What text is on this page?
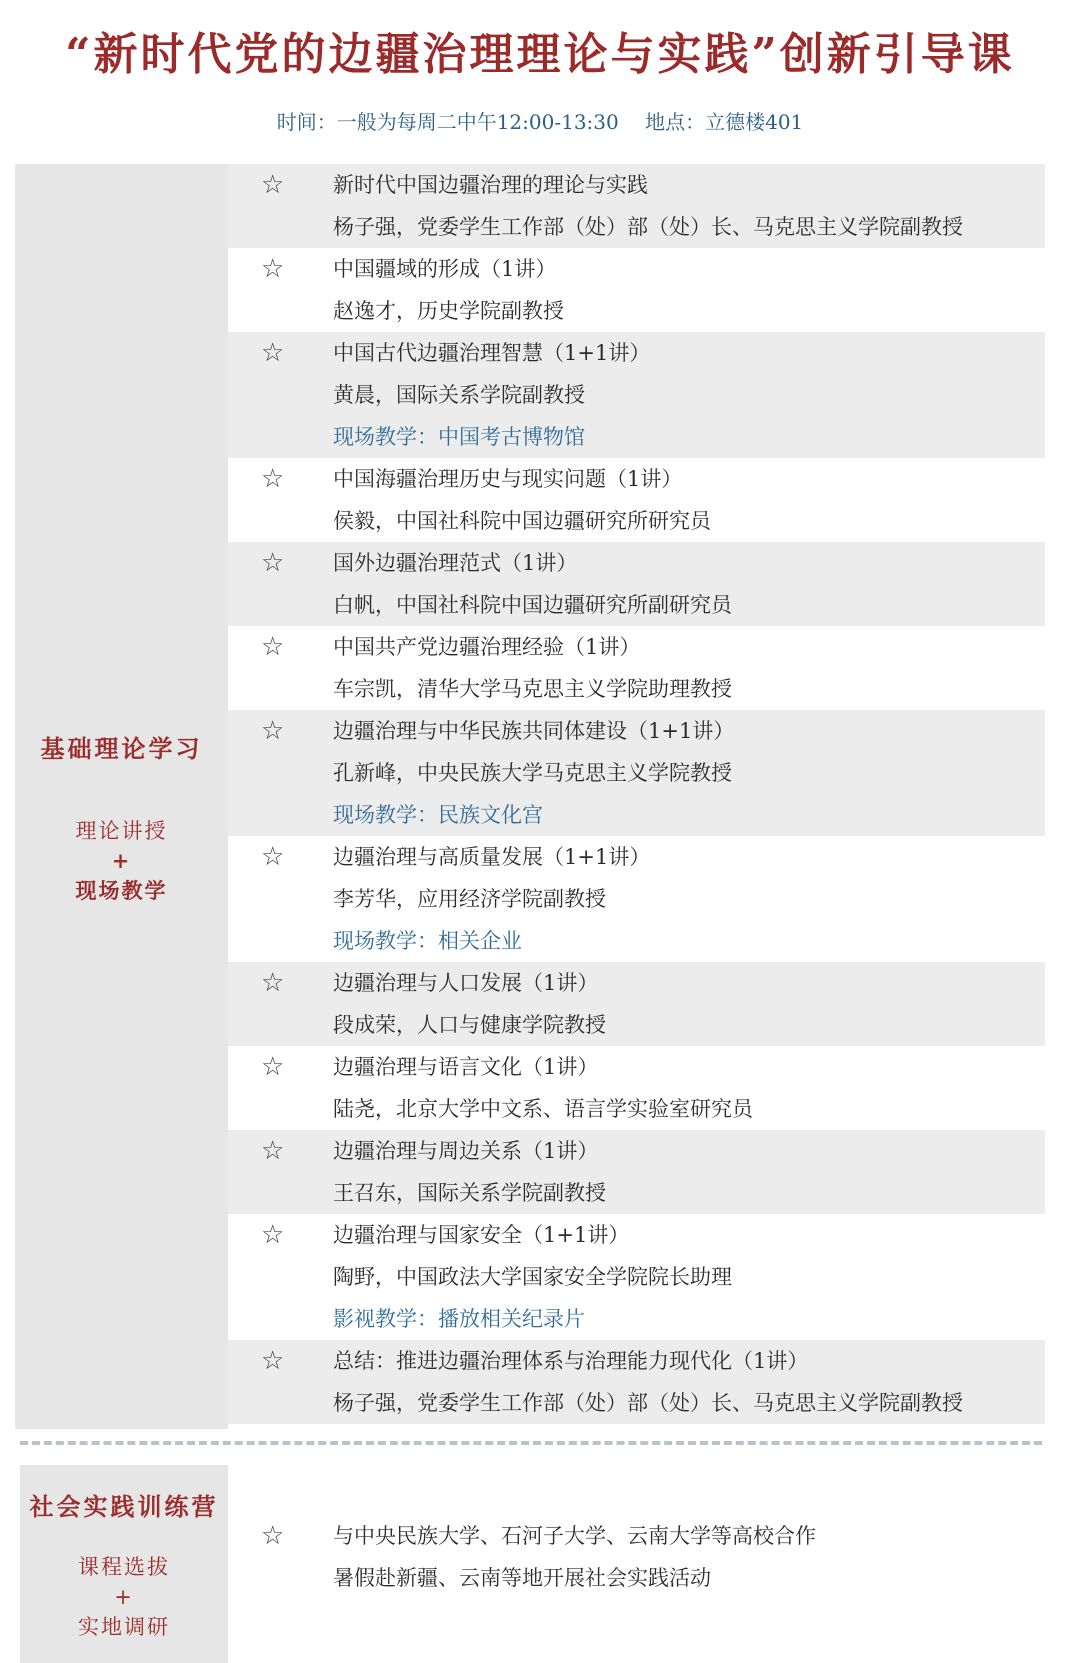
“新时代党的边疆治理理论与实践”创新引导课
时间：一般为每周二中午12:00-13:30 地点：立德楼401
基础理论学习
理论讲授
+
现场教学
☆ 新时代中国边疆治理的理论与实践
杨子强，党委学生工作部（处）部（处）长、马克思主义学院副教授
☆ 中国疆域的形成（1讲）
赵逸才，历史学院副教授
☆ 中国古代边疆治理智慧（1+1讲）
黄晨，国际关系学院副教授
现场教学：中国考古博物馆
☆ 中国海疆治理历史与现实问题（1讲）
侯毅，中国社科院中国边疆研究所研究员
☆ 国外边疆治理范式（1讲）
白帆，中国社科院中国边疆研究所副研究员
☆ 中国共产党边疆治理经验（1讲）
车宗凯，清华大学马克思主义学院助理教授
☆ 边疆治理与中华民族共同体建设（1+1讲）
孔新峰，中央民族大学马克思主义学院教授
现场教学：民族文化宫
☆ 边疆治理与高质量发展（1+1讲）
李芳华，应用经济学院副教授
现场教学：相关企业
☆ 边疆治理与人口发展（1讲）
段成荣，人口与健康学院教授
☆ 边疆治理与语言文化（1讲）
陆尧，北京大学中文系、语言学实验室研究员
☆ 边疆治理与周边关系（1讲）
王召东，国际关系学院副教授
☆ 边疆治理与国家安全（1+1讲）
陶野，中国政法大学国家安全学院院长助理
影视教学：播放相关纪录片
☆ 总结：推进边疆治理体系与治理能力现代化（1讲）
杨子强，党委学生工作部（处）部（处）长、马克思主义学院副教授
社会实践训练营
课程选拔
+
实地调研
☆ 与中央民族大学、石河子大学、云南大学等高校合作
暑假赴新疆、云南等地开展社会实践活动
